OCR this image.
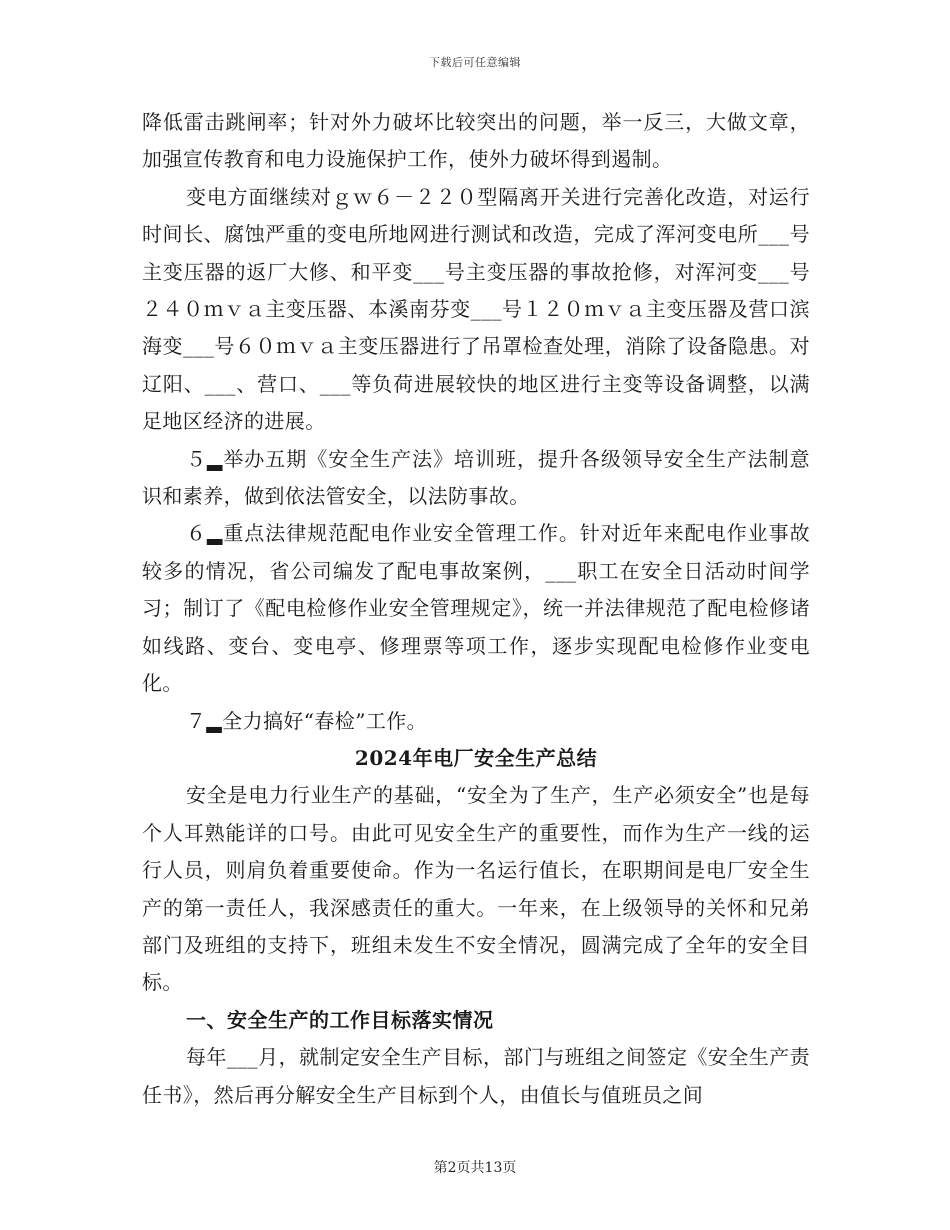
下载后可任意编辑

降低雷击跳闸率；针对外力破坏比较突出的问题，举一反三，大做文章，加强宣传教育和电力设施保护工作，使外力破坏得到遏制。

变电方面继续对ｇｗ６－２２０型隔离开关进行完善化改造，对运行时间长、腐蚀严重的变电所地网进行测试和改造，完成了浑河变电所___号主变压器的返厂大修、和平变___号主变压器的事故抢修，对浑河变___号２４０ｍｖａ主变压器、本溪南芬变___号１２０ｍｖａ主变压器及营口滨海变___号６０ｍｖａ主变压器进行了吊罩检查处理，消除了设备隐患。对辽阳、___、营口、___等负荷进展较快的地区进行主变等设备调整，以满足地区经济的进展。

５▂举办五期《安全生产法》培训班，提升各级领导安全生产法制意识和素养，做到依法管安全，以法防事故。

６▂重点法律规范配电作业安全管理工作。针对近年来配电作业事故较多的情况，省公司编发了配电事故案例，___职工在安全日活动时间学习；制订了《配电检修作业安全管理规定》，统一并法律规范了配电检修诸如线路、变台、变电亭、修理票等项工作，逐步实现配电检修作业变电化。

７▂全力搞好“春检”工作。

2024年电厂安全生产总结

安全是电力行业生产的基础，“安全为了生产，生产必须安全”也是每个人耳熟能详的口号。由此可见安全生产的重要性，而作为生产一线的运行人员，则肩负着重要使命。作为一名运行值长，在职期间是电厂安全生产的第一责任人，我深感责任的重大。一年来，在上级领导的关怀和兄弟部门及班组的支持下，班组未发生不安全情况，圆满完成了全年的安全目标。

一、安全生产的工作目标落实情况

每年___月，就制定安全生产目标，部门与班组之间签定《安全生产责任书》，然后再分解安全生产目标到个人，由值长与值班员之间

第2页共13页
